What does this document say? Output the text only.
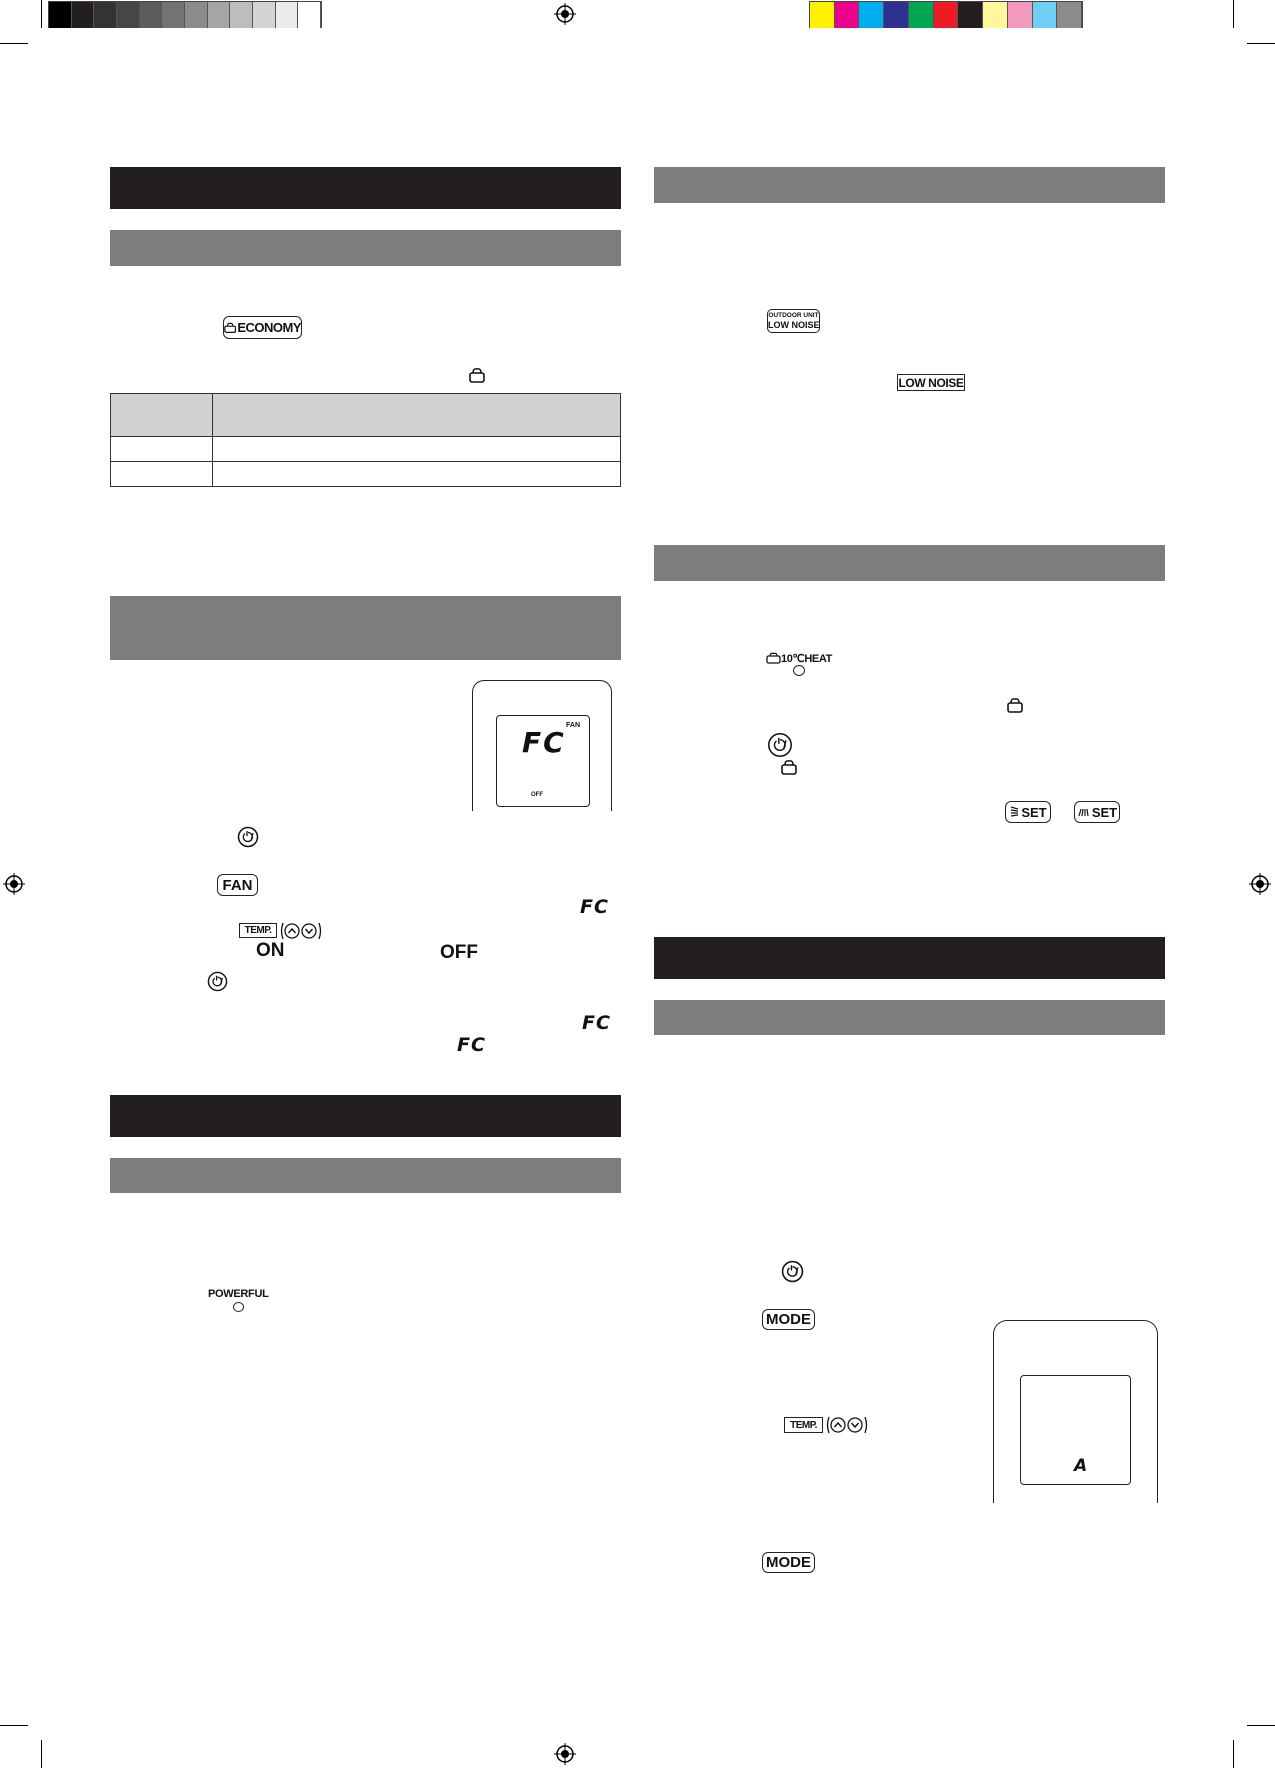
ECONOMY

FC
FAN
OFF
FAN
FC
TEMP.
ON	OFF
FC
FC
POWERFUL
OUTDOOR UNIT
LOW NOISE
LOW NOISE
10℃HEAT
SET	SET
MODE
TEMP.
A
MODE
